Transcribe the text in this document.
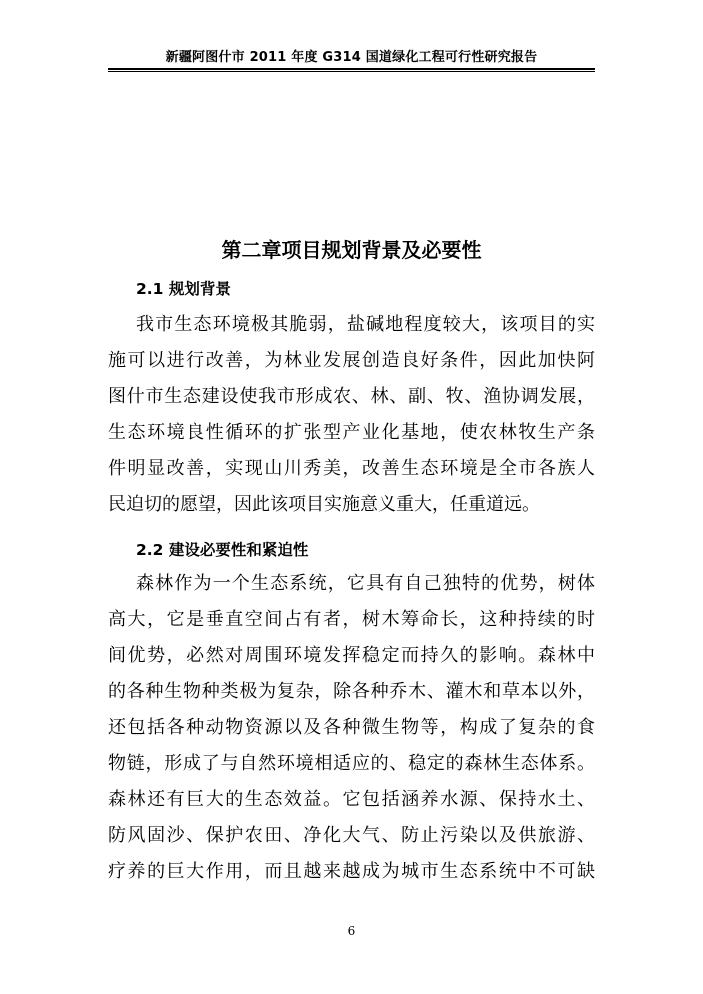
新疆阿图什市 2011 年度 G314 国道绿化工程可行性研究报告
第二章项目规划背景及必要性
2.1 规划背景
我市生态环境极其脆弱，盐碱地程度较大，该项目的实
施可以进行改善，为林业发展创造良好条件，因此加快阿
图什市生态建设使我市形成农、林、副、牧、渔协调发展，
生态环境良性循环的扩张型产业化基地，使农林牧生产条
件明显改善，实现山川秀美，改善生态环境是全市各族人
民迫切的愿望，因此该项目实施意义重大，任重道远。
2.2 建设必要性和紧迫性
森林作为一个生态系统，它具有自己独特的优势，树体
高大，它是垂直空间占有者，树木筹命长，这种持续的时
间优势，必然对周围环境发挥稳定而持久的影响。森林中
的各种生物种类极为复杂，除各种乔木、灌木和草本以外，
还包括各种动物资源以及各种微生物等，构成了复杂的食
物链，形成了与自然环境相适应的、稳定的森林生态体系。
森林还有巨大的生态效益。它包括涵养水源、保持水土、
防风固沙、保护农田、净化大气、防止污染以及供旅游、
疗养的巨大作用，而且越来越成为城市生态系统中不可缺
6
